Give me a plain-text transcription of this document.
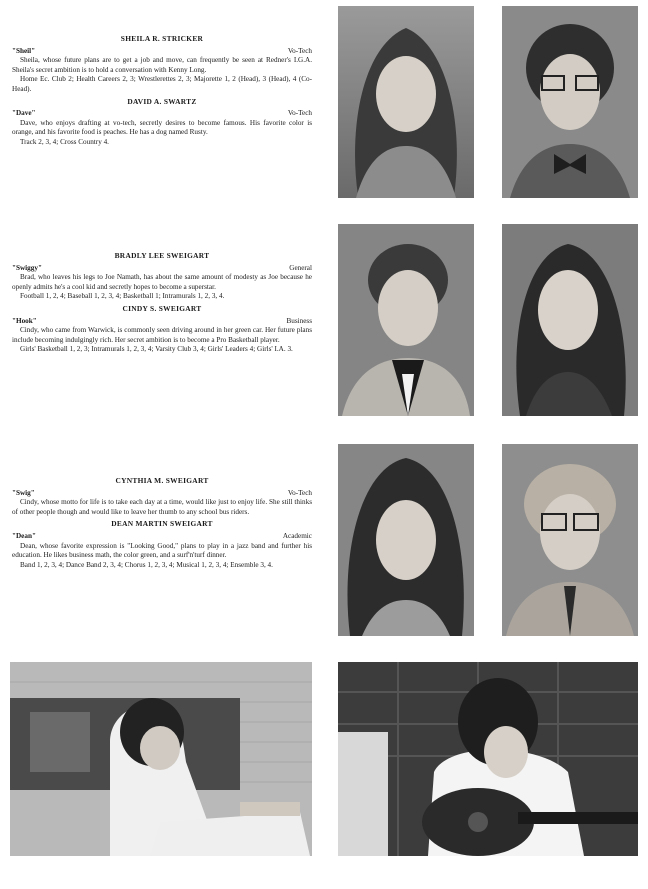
SHEILA R. STRICKER
"Sheil"	Vo-Tech
Sheila, whose future plans are to get a job and move, can frequently be seen at Redner's I.G.A. Sheila's secret ambition is to hold a conversation with Kenny Long.
Home Ec. Club 2; Health Careers 2, 3; Wrestlerettes 2, 3; Majorette 1, 2 (Head), 3 (Head), 4 (Co-Head).
DAVID A. SWARTZ
"Dave"	Vo-Tech
Dave, who enjoys drafting at vo-tech, secretly desires to become famous. His favorite color is orange, and his favorite food is peaches. He has a dog named Rusty.
Track 2, 3, 4; Cross Country 4.
BRADLY LEE SWEIGART
"Swiggy"	General
Brad, who leaves his legs to Joe Namath, has about the same amount of modesty as Joe because he openly admits he's a cool kid and secretly hopes to become a superstar.
Football 1, 2, 4; Baseball 1, 2, 3, 4; Basketball 1; Intramurals 1, 2, 3, 4.
CINDY S. SWEIGART
"Hook"	Business
Cindy, who came from Warwick, is commonly seen driving around in her green car. Her future plans include becoming indulgingly rich. Her secret ambition is to become a Pro Basketball player.
Girls' Basketball 1, 2, 3; Intramurals 1, 2, 3, 4; Varsity Club 3, 4; Girls' Leaders 4; Girls' I.A. 3.
CYNTHIA M. SWEIGART
"Swig"	Vo-Tech
Cindy, whose motto for life is to take each day at a time, would like just to enjoy life. She still thinks of other people though and would like to leave her thumb to any school bus riders.
DEAN MARTIN SWEIGART
"Dean"	Academic
Dean, whose favorite expression is "Looking Good," plans to play in a jazz band and further his education. He likes business math, the color green, and a surf'n'turf dinner.
Band 1, 2, 3, 4; Dance Band 2, 3, 4; Chorus 1, 2, 3, 4; Musical 1, 2, 3, 4; Ensemble 3, 4.
